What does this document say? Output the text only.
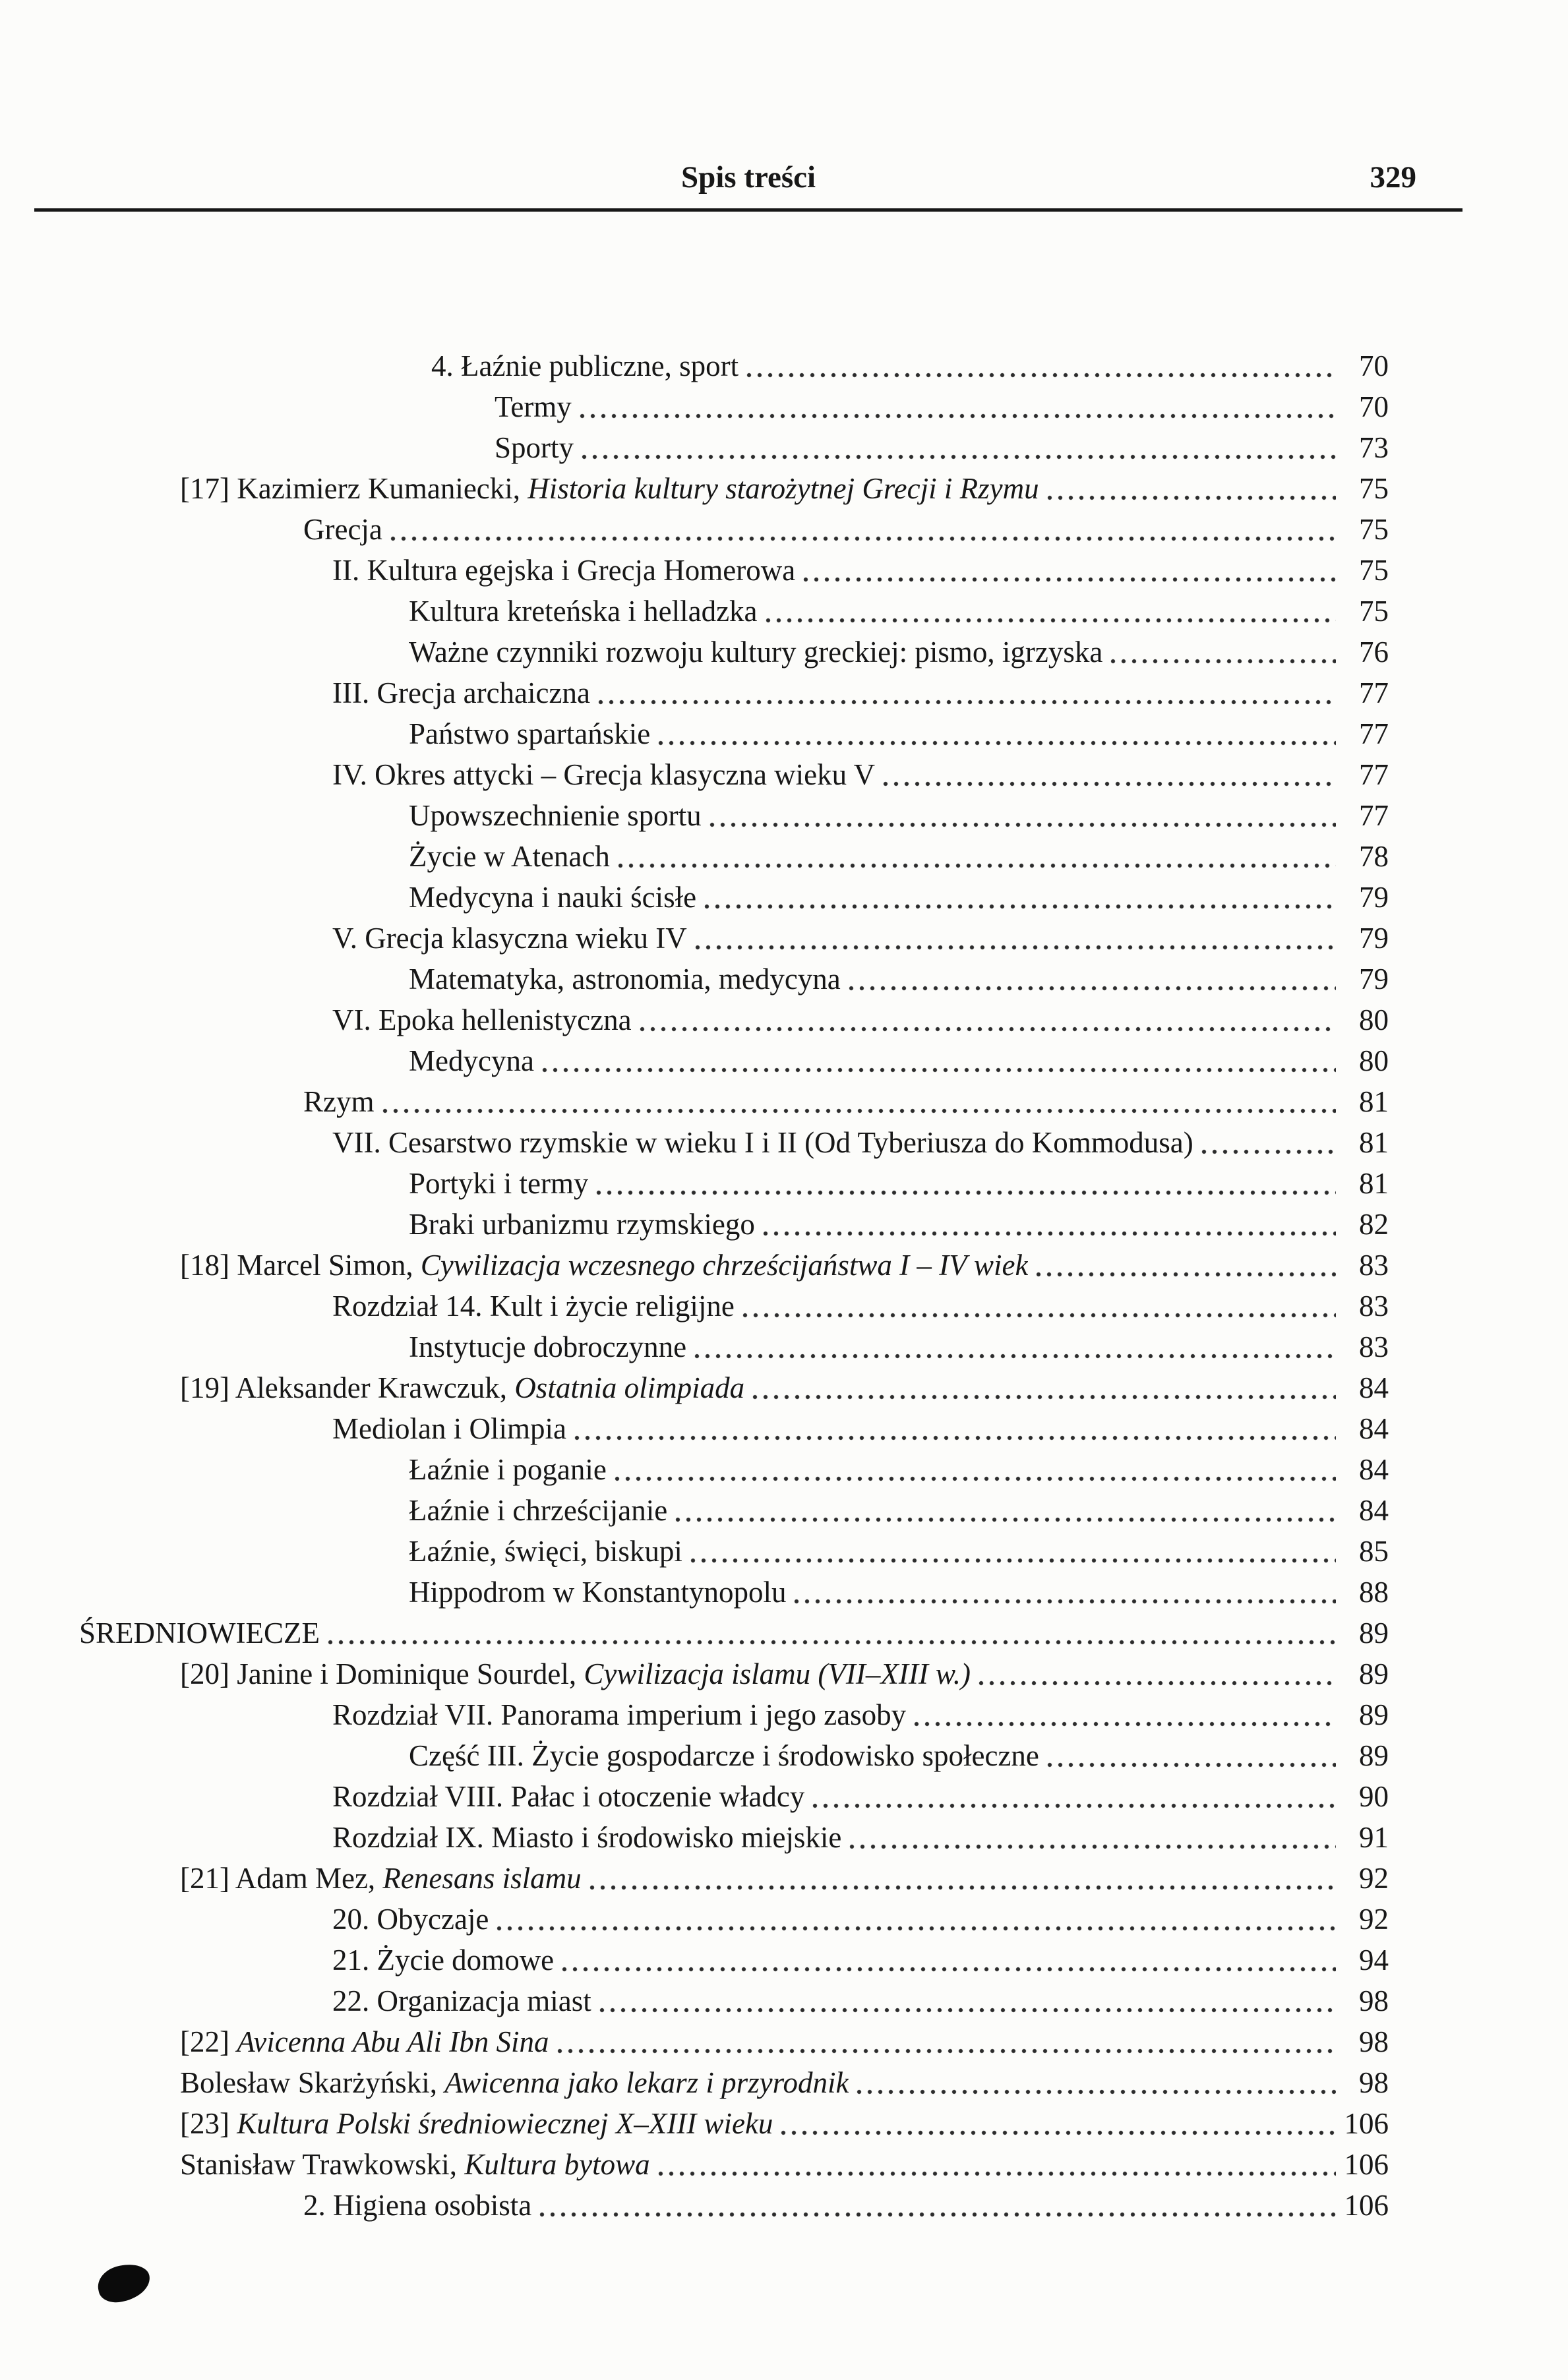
Spis treści	329
4. Łaźnie publiczne, sport	70
Termy	70
Sporty	73
[17] Kazimierz Kumaniecki, Historia kultury starożytnej Grecji i Rzymu	75
Grecja	75
II. Kultura egejska i Grecja Homerowa	75
Kultura kreteńska i helladzka	75
Ważne czynniki rozwoju kultury greckiej: pismo, igrzyska	76
III. Grecja archaiczna	77
Państwo spartańskie	77
IV. Okres attycki – Grecja klasyczna wieku V	77
Upowszechnienie sportu	77
Życie w Atenach	78
Medycyna i nauki ścisłe	79
V. Grecja klasyczna wieku IV	79
Matematyka, astronomia, medycyna	79
VI. Epoka hellenistyczna	80
Medycyna	80
Rzym	81
VII. Cesarstwo rzymskie w wieku I i II (Od Tyberiusza do Kommodusa)	81
Portyki i termy	81
Braki urbanizmu rzymskiego	82
[18] Marcel Simon, Cywilizacja wczesnego chrześcijaństwa I – IV wiek	83
Rozdział 14. Kult i życie religijne	83
Instytucje dobroczynne	83
[19] Aleksander Krawczuk, Ostatnia olimpiada	84
Mediolan i Olimpia	84
Łaźnie i poganie	84
Łaźnie i chrześcijanie	84
Łaźnie, święci, biskupi	85
Hippodrom w Konstantynopolu	88
ŚREDNIOWIECZE	89
[20] Janine i Dominique Sourdel, Cywilizacja islamu (VII–XIII w.)	89
Rozdział VII. Panorama imperium i jego zasoby	89
Część III. Życie gospodarcze i środowisko społeczne	89
Rozdział VIII. Pałac i otoczenie władcy	90
Rozdział IX. Miasto i środowisko miejskie	91
[21] Adam Mez, Renesans islamu	92
20. Obyczaje	92
21. Życie domowe	94
22. Organizacja miast	98
[22] Avicenna Abu Ali Ibn Sina	98
Bolesław Skarżyński, Awicenna jako lekarz i przyrodnik	98
[23] Kultura Polski średniowiecznej X–XIII wieku	106
Stanisław Trawkowski, Kultura bytowa	106
2. Higiena osobista	106
